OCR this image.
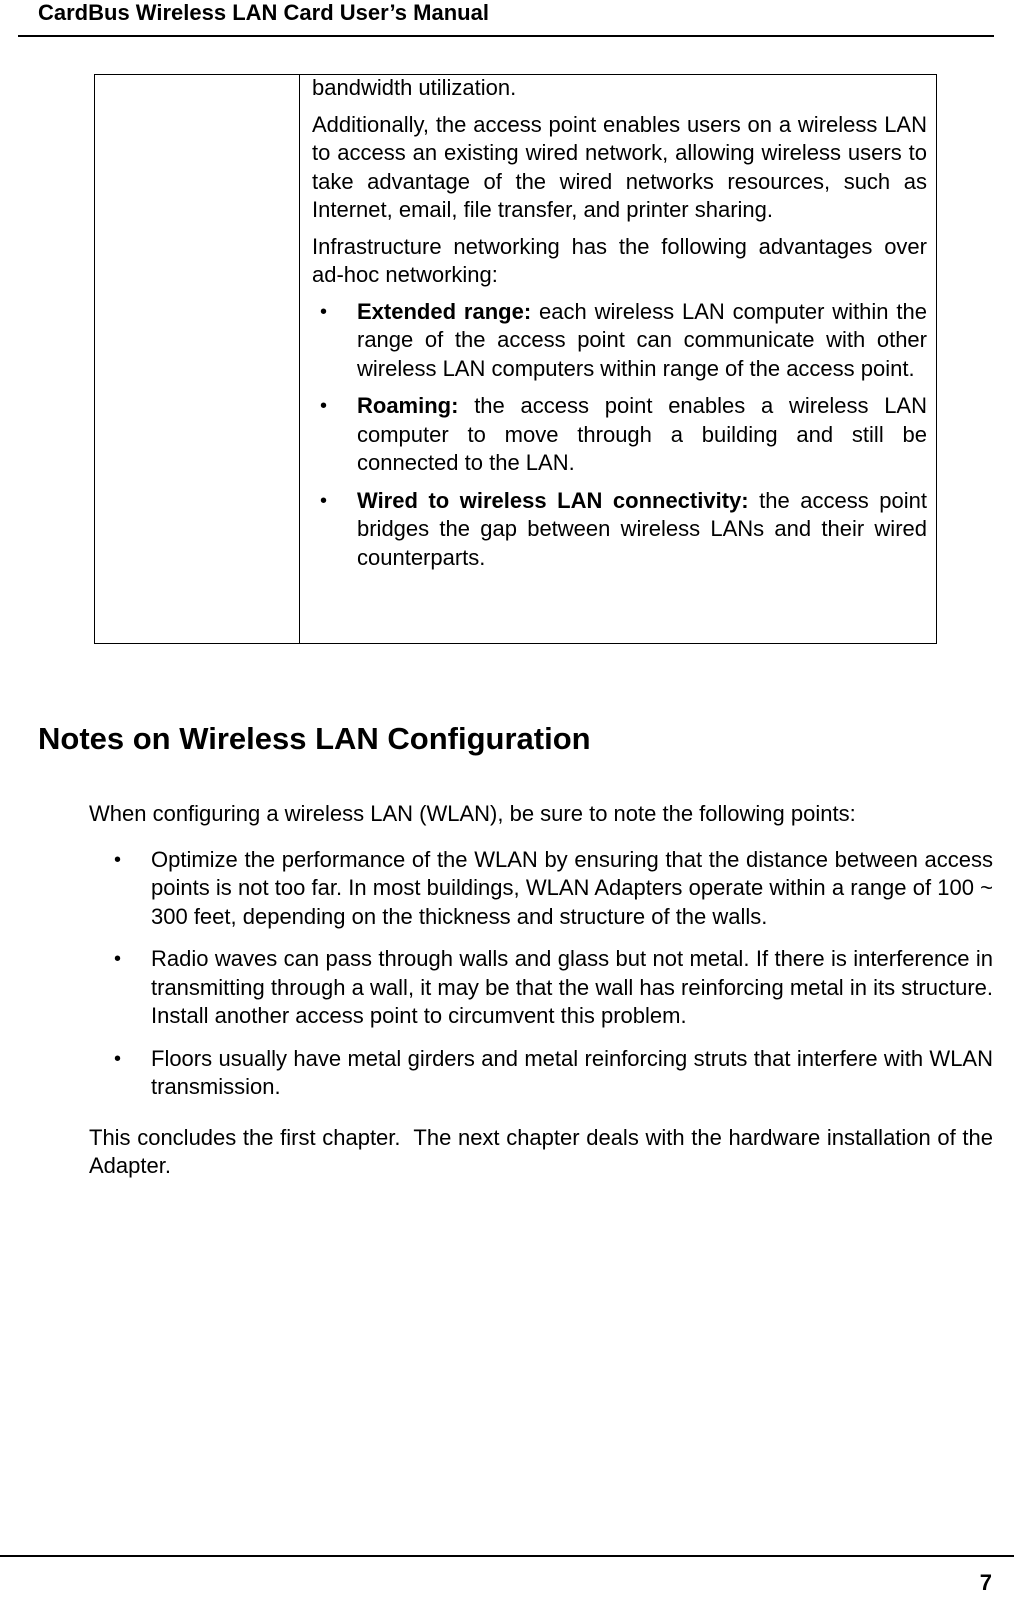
CardBus Wireless LAN Card User’s Manual

bandwidth utilization.

Additionally, the access point enables users on a wireless LAN to access an existing wired network, allowing wireless users to take advantage of the wired networks resources, such as Internet, email, file transfer, and printer sharing.

Infrastructure networking has the following advantages over ad-hoc networking:

• Extended range: each wireless LAN computer within the range of the access point can communicate with other wireless LAN computers within range of the access point.
• Roaming: the access point enables a wireless LAN computer to move through a building and still be connected to the LAN.
• Wired to wireless LAN connectivity: the access point bridges the gap between wireless LANs and their wired counterparts.
Notes on Wireless LAN Configuration

When configuring a wireless LAN (WLAN), be sure to note the following points:

• Optimize the performance of the WLAN by ensuring that the distance between access points is not too far. In most buildings, WLAN Adapters operate within a range of 100 ~ 300 feet, depending on the thickness and structure of the walls.
• Radio waves can pass through walls and glass but not metal. If there is interference in transmitting through a wall, it may be that the wall has reinforcing metal in its structure. Install another access point to circumvent this problem.
• Floors usually have metal girders and metal reinforcing struts that interfere with WLAN transmission.

This concludes the first chapter.  The next chapter deals with the hardware installation of the Adapter.

7
